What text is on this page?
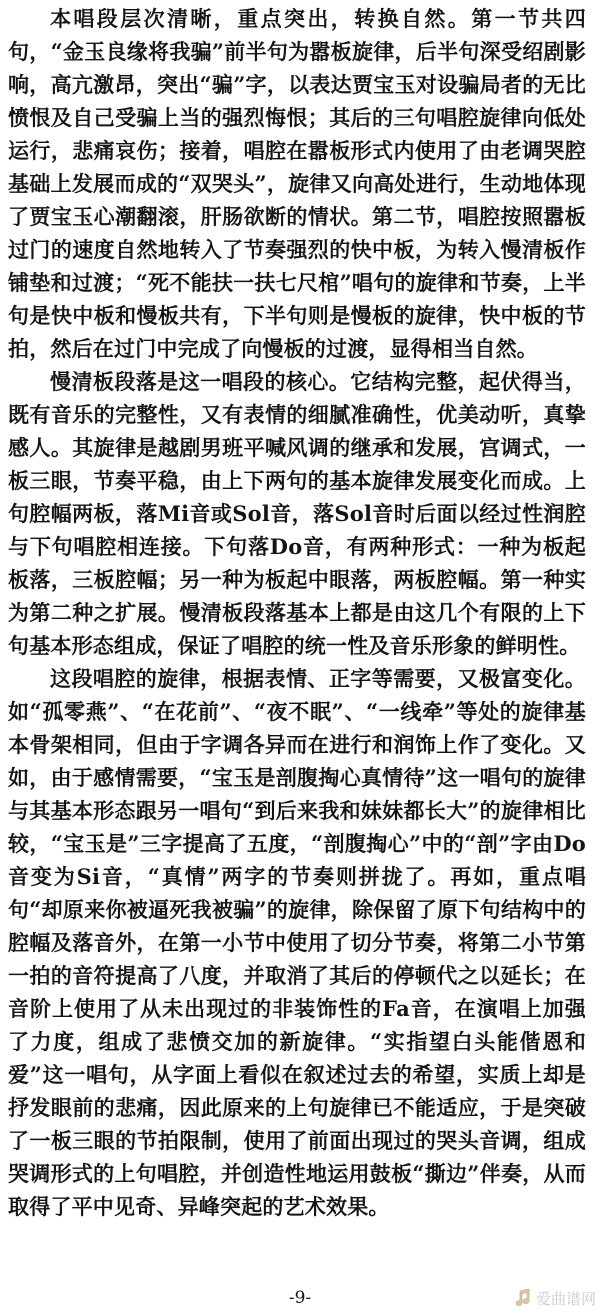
本唱段层次清晰，重点突出，转换自然。第一节共四句，“金玉良缘将我骗”前半句为嚣板旋律，后半句深受绍剧影响，高亢激昂，突出“骗”字，以表达贾宝玉对设骗局者的无比愤恨及自己受骗上当的强烈悔恨；其后的三句唱腔旋律向低处运行，悲痛哀伤；接着，唱腔在嚣板形式内使用了由老调哭腔基础上发展而成的“双哭头”，旋律又向高处进行，生动地体现了贾宝玉心潮翻滚，肝肠欲断的情状。第二节，唱腔按照嚣板过门的速度自然地转入了节奏强烈的快中板，为转入慢清板作铺垫和过渡；“死不能扶一扶七尺棺”唱句的旋律和节奏，上半句是快中板和慢板共有，下半句则是慢板的旋律，快中板的节拍，然后在过门中完成了向慢板的过渡，显得相当自然。

慢清板段落是这一唱段的核心。它结构完整，起伏得当，既有音乐的完整性，又有表情的细腻准确性，优美动听，真挚感人。其旋律是越剧男班平喊风调的继承和发展，宫调式，一板三眼，节奏平稳，由上下两句的基本旋律发展变化而成。上句腔幅两板，落Mi音或Sol音，落Sol音时后面以经过性润腔与下句唱腔相连接。下句落Do音，有两种形式：一种为板起板落，三板腔幅；另一种为板起中眼落，两板腔幅。第一种实为第二种之扩展。慢清板段落基本上都是由这几个有限的上下句基本形态组成，保证了唱腔的统一性及音乐形象的鲜明性。

这段唱腔的旋律，根据表情、正字等需要，又极富变化。如“孤零燕”、“在花前”、“夜不眠”、“一线牵”等处的旋律基本骨架相同，但由于字调各异而在进行和润饰上作了变化。又如，由于感情需要，“宝玉是剖腹掏心真情待”这一唱句的旋律与其基本形态跟另一唱句“到后来我和妹妹都长大”的旋律相比较，“宝玉是”三字提高了五度，“剖腹掏心”中的“剖”字由Do音变为Si音，“真情”两字的节奏则拼拢了。再如，重点唱句“却原来你被逼死我被骗”的旋律，除保留了原下句结构中的腔幅及落音外，在第一小节中使用了切分节奏，将第二小节第一拍的音符提高了八度，并取消了其后的停顿代之以延长；在音阶上使用了从未出现过的非装饰性的Fa音，在演唱上加强了力度，组成了悲愤交加的新旋律。“实指望白头能偕恩和爱”这一唱句，从字面上看似在叙述过去的希望，实质上却是抒发眼前的悲痛，因此原来的上句旋律已不能适应，于是突破了一板三眼的节拍限制，使用了前面出现过的哭头音调，组成哭调形式的上句唱腔，并创造性地运用鼓板“撕边”伴奏，从而取得了平中见奇、异峰突起的艺术效果。

-9-	爱曲谱网
